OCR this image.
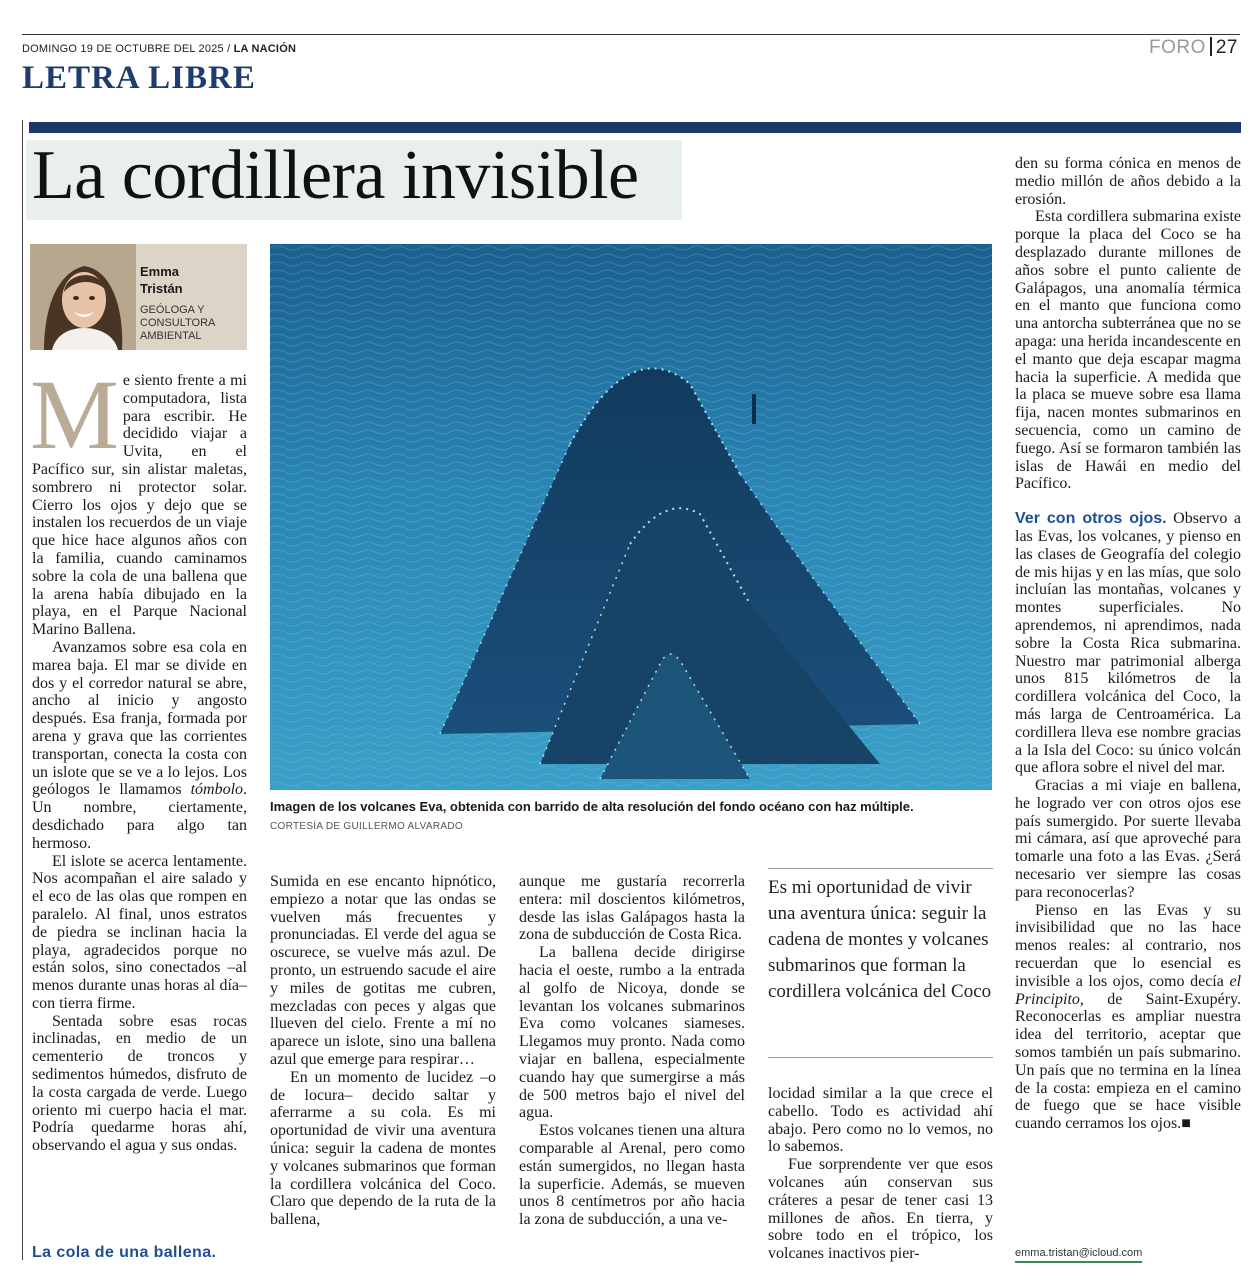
DOMINGO 19 DE OCTUBRE DEL 2025 / LA NACIÓN	FORO 27
LETRA LIBRE
La cordillera invisible
Emma
Tristán
GEÓLOGA Y
CONSULTORA
AMBIENTAL
Imagen de los volcanes Eva, obtenida con barrido de alta resolución del fondo océano con haz múltiple.
CORTESÍA DE GUILLERMO ALVARADO

Me siento frente a mi computadora, lista para escribir. He decidido viajar a Uvita, en el Pacífico sur, sin alistar maletas, sombrero ni protector solar. Cierro los ojos y dejo que se instalen los recuerdos de un viaje que hice hace algunos años con la familia, cuando caminamos sobre la cola de una ballena que la arena había dibujado en la playa, en el Parque Nacional Marino Ballena.

Avanzamos sobre esa cola en marea baja. El mar se divide en dos y el corredor natural se abre, ancho al inicio y angosto después. Esa franja, formada por arena y grava que las corrientes transportan, conecta la costa con un islote que se ve a lo lejos. Los geólogos le llamamos tómbolo. Un nombre, ciertamente, desdichado para algo tan hermoso.

El islote se acerca lentamente. Nos acompañan el aire salado y el eco de las olas que rompen en paralelo. Al final, unos estratos de piedra se inclinan hacia la playa, agradecidos porque no están solos, sino conectados –al menos durante unas horas al día– con tierra firme.

Sentada sobre esas rocas inclinadas, en medio de un cementerio de troncos y sedimentos húmedos, disfruto de la costa cargada de verde. Luego oriento mi cuerpo hacia el mar. Podría quedarme horas ahí, observando el agua y sus ondas.

La cola de una ballena.

Sumida en ese encanto hipnótico, empiezo a notar que las ondas se vuelven más frecuentes y pronunciadas. El verde del agua se oscurece, se vuelve más azul. De pronto, un estruendo sacude el aire y miles de gotitas me cubren, mezcladas con peces y algas que llueven del cielo. Frente a mí no aparece un islote, sino una ballena azul que emerge para respirar…

En un momento de lucidez –o de locura– decido saltar y aferrarme a su cola. Es mi oportunidad de vivir una aventura única: seguir la cadena de montes y volcanes submarinos que forman la cordillera volcánica del Coco. Claro que dependo de la ruta de la ballena,

aunque me gustaría recorrerla entera: mil doscientos kilómetros, desde las islas Galápagos hasta la zona de subducción de Costa Rica.

La ballena decide dirigirse hacia el oeste, rumbo a la entrada al golfo de Nicoya, donde se levantan los volcanes submarinos Eva como volcanes siameses. Llegamos muy pronto. Nada como viajar en ballena, especialmente cuando hay que sumergirse a más de 500 metros bajo el nivel del agua.

Estos volcanes tienen una altura comparable al Arenal, pero como están sumergidos, no llegan hasta la superficie. Además, se mueven unos 8 centímetros por año hacia la zona de subducción, a una ve-

Es mi oportunidad de vivir una aventura única: seguir la cadena de montes y volcanes submarinos que forman la cordillera volcánica del Coco

locidad similar a la que crece el cabello. Todo es actividad ahí abajo. Pero como no lo vemos, no lo sabemos.

Fue sorprendente ver que esos volcanes aún conservan sus cráteres a pesar de tener casi 13 millones de años. En tierra, y sobre todo en el trópico, los volcanes inactivos pier-

den su forma cónica en menos de medio millón de años debido a la erosión.

Esta cordillera submarina existe porque la placa del Coco se ha desplazado durante millones de años sobre el punto caliente de Galápagos, una anomalía térmica en el manto que funciona como una antorcha subterránea que no se apaga: una herida incandescente en el manto que deja escapar magma hacia la superficie. A medida que la placa se mueve sobre esa llama fija, nacen montes submarinos en secuencia, como un camino de fuego. Así se formaron también las islas de Hawái en medio del Pacífico.

Ver con otros ojos. Observo a las Evas, los volcanes, y pienso en las clases de Geografía del colegio de mis hijas y en las mías, que solo incluían las montañas, volcanes y montes superficiales. No aprendemos, ni aprendimos, nada sobre la Costa Rica submarina. Nuestro mar patrimonial alberga unos 815 kilómetros de la cordillera volcánica del Coco, la más larga de Centroamérica. La cordillera lleva ese nombre gracias a la Isla del Coco: su único volcán que aflora sobre el nivel del mar.

Gracias a mi viaje en ballena, he logrado ver con otros ojos ese país sumergido. Por suerte llevaba mi cámara, así que aproveché para tomarle una foto a las Evas. ¿Será necesario ver siempre las cosas para reconocerlas?

Pienso en las Evas y su invisibilidad que no las hace menos reales: al contrario, nos recuerdan que lo esencial es invisible a los ojos, como decía el Principito, de Saint-Exupéry. Reconocerlas es ampliar nuestra idea del territorio, aceptar que somos también un país submarino. Un país que no termina en la línea de la costa: empieza en el camino de fuego que se hace visible cuando cerramos los ojos.■

emma.tristan@icloud.com
